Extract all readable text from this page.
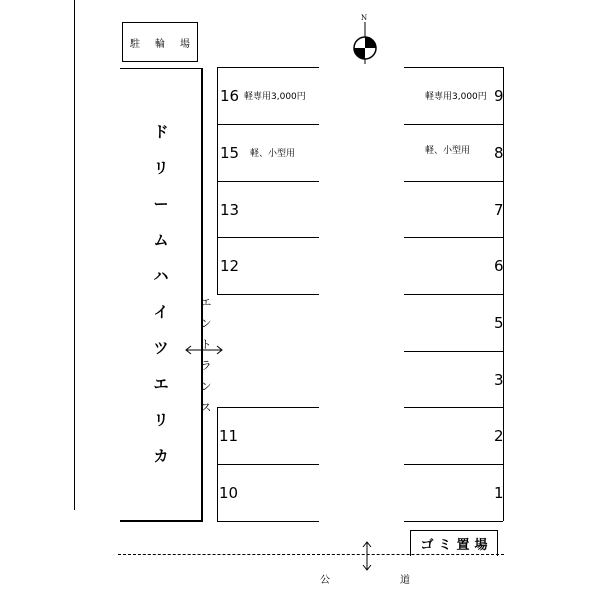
駐 輪 場
ド
リ
ー
ム
ハ
イ
ツ
エ
リ
カ
エ
ン
ト
ラ
ン
ス
N
16 軽専用3,000円
15 軽、小型用
13
12
11
10
軽専用3,000円 9
軽、小型用 8
7
6
5
3
2
1
ゴ ミ 置 場
公	道
